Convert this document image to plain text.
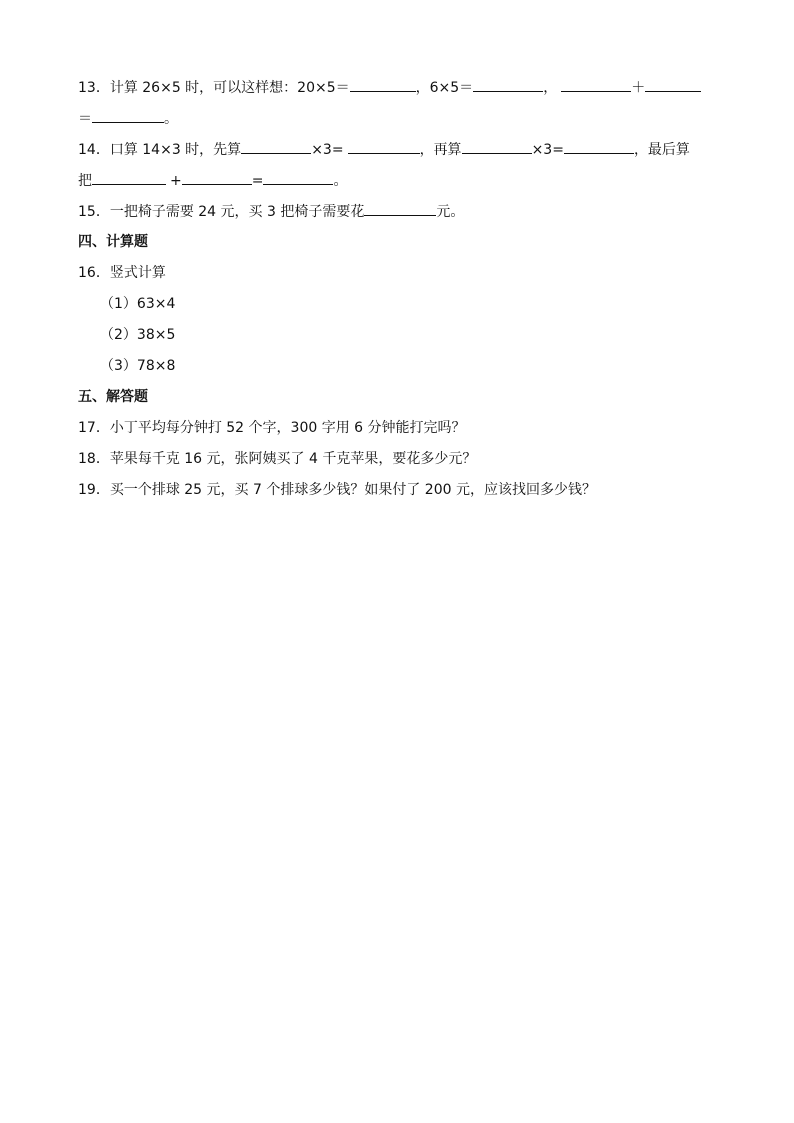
13．计算 26×5 时，可以这样想：20×5＝	，6×5＝	，	＋
＝	。
14．口算 14×3 时，先算	×3=	，再算	×3=	，最后算
把	+	=	。
15．一把椅子需要 24 元，买 3 把椅子需要花	元。
四、计算题
16．竖式计算
（1）63×4
（2）38×5
（3）78×8
五、解答题
17．小丁平均每分钟打 52 个字，300 字用 6 分钟能打完吗？
18．苹果每千克 16 元，张阿姨买了 4 千克苹果，要花多少元？
19．买一个排球 25 元，买 7 个排球多少钱？如果付了 200 元，应该找回多少钱？
